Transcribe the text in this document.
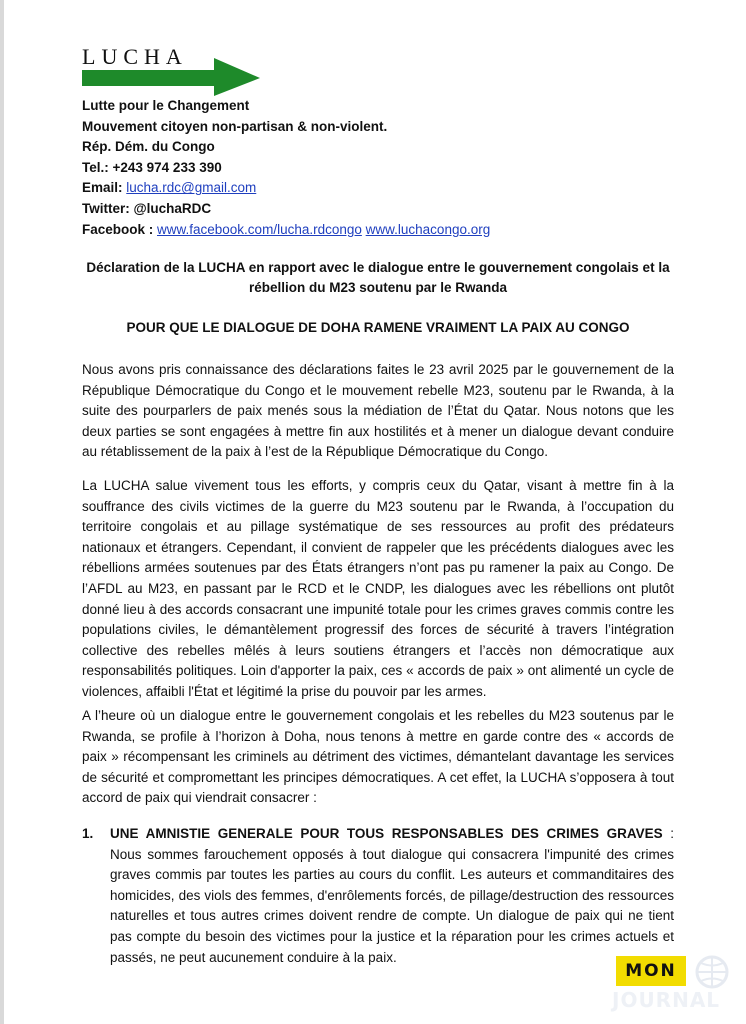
LUCHA
Lutte pour le Changement
Mouvement citoyen non-partisan & non-violent.
Rép. Dém. du Congo
Tel.: +243 974 233 390
Email: lucha.rdc@gmail.com
Twitter: @luchaRDC
Facebook : www.facebook.com/lucha.rdcongo www.luchacongo.org
Déclaration de la LUCHA en rapport avec le dialogue entre le gouvernement congolais et la
rébellion du M23 soutenu par le Rwanda
POUR QUE LE DIALOGUE DE DOHA RAMENE VRAIMENT LA PAIX AU CONGO

Nous avons pris connaissance des déclarations faites le 23 avril 2025 par le gouvernement de la République Démocratique du Congo et le mouvement rebelle M23, soutenu par le Rwanda, à la suite des pourparlers de paix menés sous la médiation de l’État du Qatar. Nous notons que les deux parties se sont engagées à mettre fin aux hostilités et à mener un dialogue devant conduire au rétablissement de la paix à l’est de la République Démocratique du Congo.

La LUCHA salue vivement tous les efforts, y compris ceux du Qatar, visant à mettre fin à la souffrance des civils victimes de la guerre du M23 soutenu par le Rwanda, à l’occupation du territoire congolais et au pillage systématique de ses ressources au profit des prédateurs nationaux et étrangers. Cependant, il convient de rappeler que les précédents dialogues avec les rébellions armées soutenues par des États étrangers n’ont pas pu ramener la paix au Congo. De l’AFDL au M23, en passant par le RCD et le CNDP, les dialogues avec les rébellions ont plutôt donné lieu à des accords consacrant une impunité totale pour les crimes graves commis contre les populations civiles, le démantèlement progressif des forces de sécurité à travers l’intégration collective des rebelles mêlés à leurs soutiens étrangers et l’accès non démocratique aux responsabilités politiques. Loin d'apporter la paix, ces « accords de paix » ont alimenté un cycle de violences, affaibli l'État et légitimé la prise du pouvoir par les armes.

A l’heure où un dialogue entre le gouvernement congolais et les rebelles du M23 soutenus par le Rwanda, se profile à l’horizon à Doha, nous tenons à mettre en garde contre des « accords de paix » récompensant les criminels au détriment des victimes, démantelant davantage les services de sécurité et compromettant les principes démocratiques. A cet effet, la LUCHA s’opposera à tout accord de paix qui viendrait consacrer :

1. UNE AMNISTIE GENERALE POUR TOUS RESPONSABLES DES CRIMES GRAVES : Nous sommes farouchement opposés à tout dialogue qui consacrera l'impunité des crimes graves commis par toutes les parties au cours du conflit. Les auteurs et commanditaires des homicides, des viols des femmes, d'enrôlements forcés, de pillage/destruction des ressources naturelles et tous autres crimes doivent rendre de compte. Un dialogue de paix qui ne tient pas compte du besoin des victimes pour la justice et la réparation pour les crimes actuels et passés, ne peut aucunement conduire à la paix.
MON
JOURNAL
